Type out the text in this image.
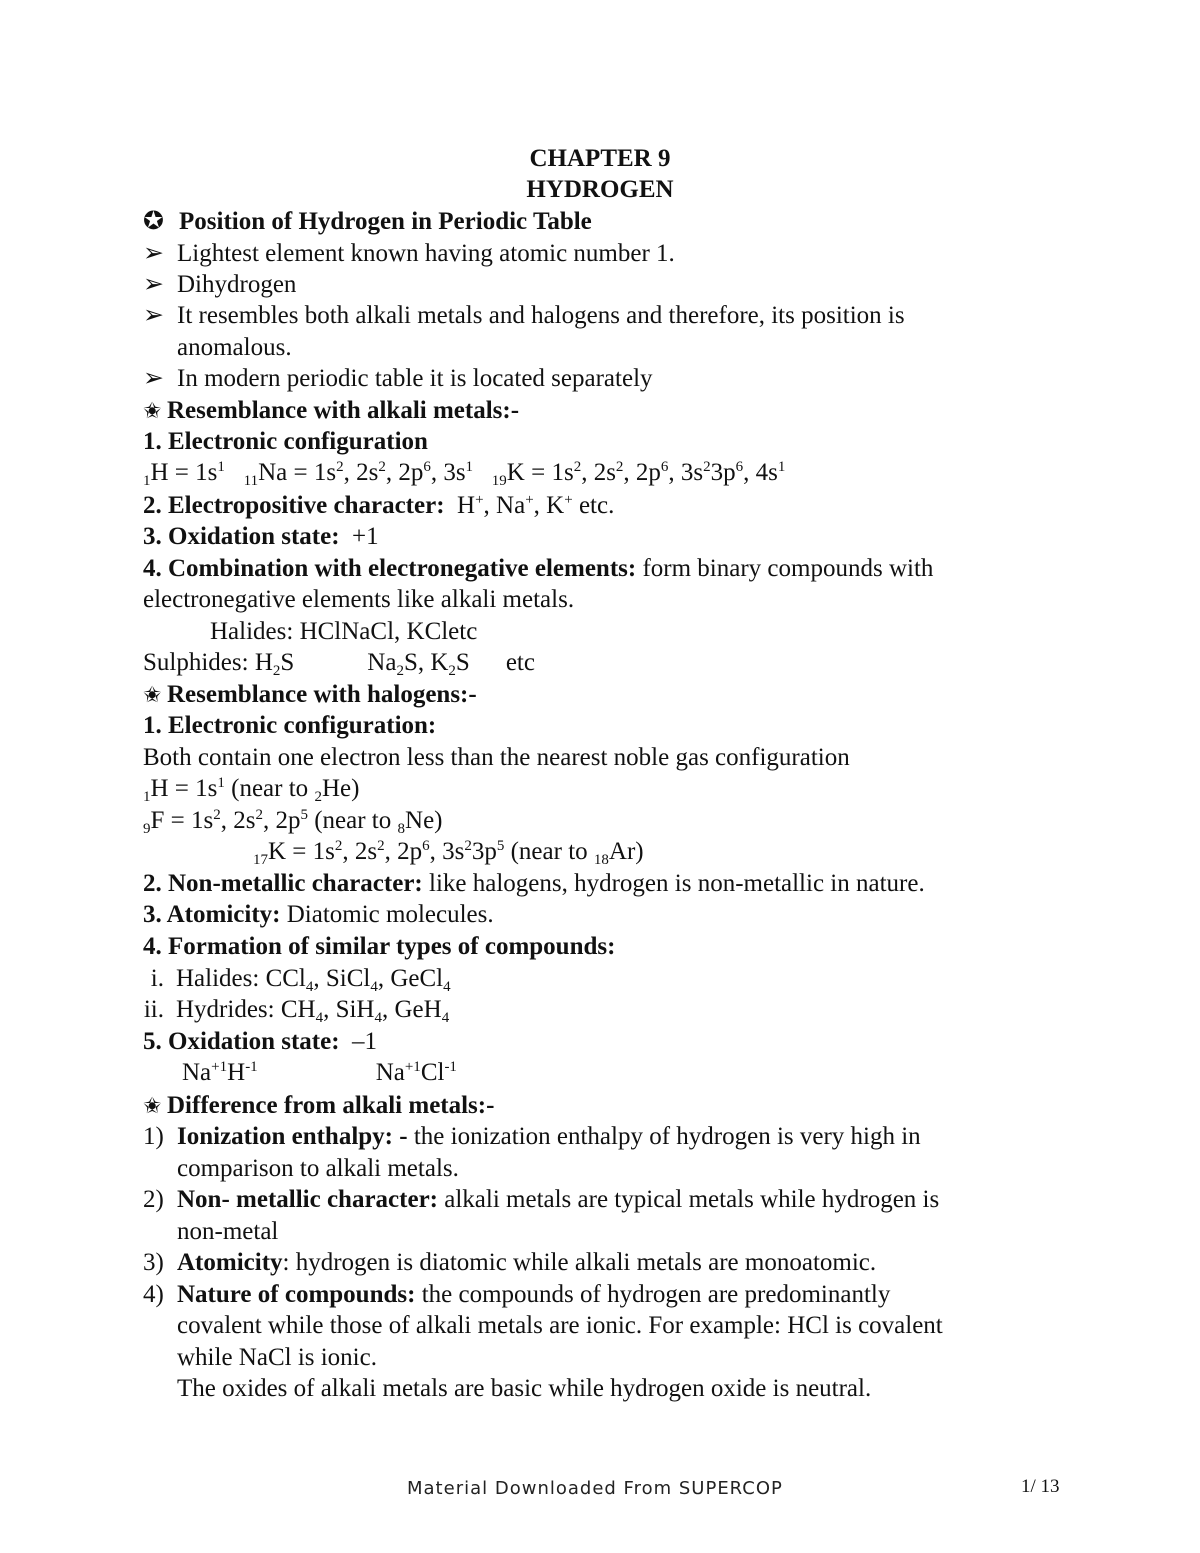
CHAPTER 9
HYDROGEN
✪ Position of Hydrogen in Periodic Table
➢ Lightest element known having atomic number 1.
➢ Dihydrogen
➢ It resembles both alkali metals and halogens and therefore, its position is
anomalous.
➢ In modern periodic table it is located separately
✬ Resemblance with alkali metals:-
1. Electronic configuration
$_1H = 1s^1$   $_{11}Na = 1s^2$, $2s^2$, $2p^6$, $3s^1$   $_{19}K = 1s^2$, $2s^2$, $2p^6$, $3s^23p^6$, $4s^1$
2. Electropositive character: H+, Na+, K+ etc.
3. Oxidation state: +1
4. Combination with electronegative elements: form binary compounds with
electronegative elements like alkali metals.
Halides: HClNaCl, KCletc
Sulphides: $H_2S$	$Na_2S$, $K_2S$ etc
✬ Resemblance with halogens:-
1. Electronic configuration:
Both contain one electron less than the nearest noble gas configuration
$_1H = 1s^1$ (near to $_2$He)
$_9F = 1s^2$, $2s^2$, $2p^5$ (near to $_8$Ne)
$_{17}K = 1s^2$, $2s^2$, $2p^6$, $3s^23p^5$ (near to $_{18}$Ar)
2. Non-metallic character: like halogens, hydrogen is non-metallic in nature.
3. Atomicity: Diatomic molecules.
4. Formation of similar types of compounds:
i. Halides: CCl$_4$, SiCl$_4$, GeCl$_4$
ii. Hydrides: $CH_4$, SiH$_4$, GeH$_4$
5. Oxidation state: –1
$Na^{+1}H^{-1}$	$Na^{+1}Cl^{-1}$
✬ Difference from alkali metals:-
1) Ionization enthalpy: - the ionization enthalpy of hydrogen is very high in
comparison to alkali metals.
2) Non- metallic character: alkali metals are typical metals while hydrogen is
non-metal
3) Atomicity: hydrogen is diatomic while alkali metals are monoatomic.
4) Nature of compounds: the compounds of hydrogen are predominantly
covalent while those of alkali metals are ionic. For example: HCl is covalent
while NaCl is ionic.
The oxides of alkali metals are basic while hydrogen oxide is neutral.
Material Downloaded From SUPERCOP	1/ 13
